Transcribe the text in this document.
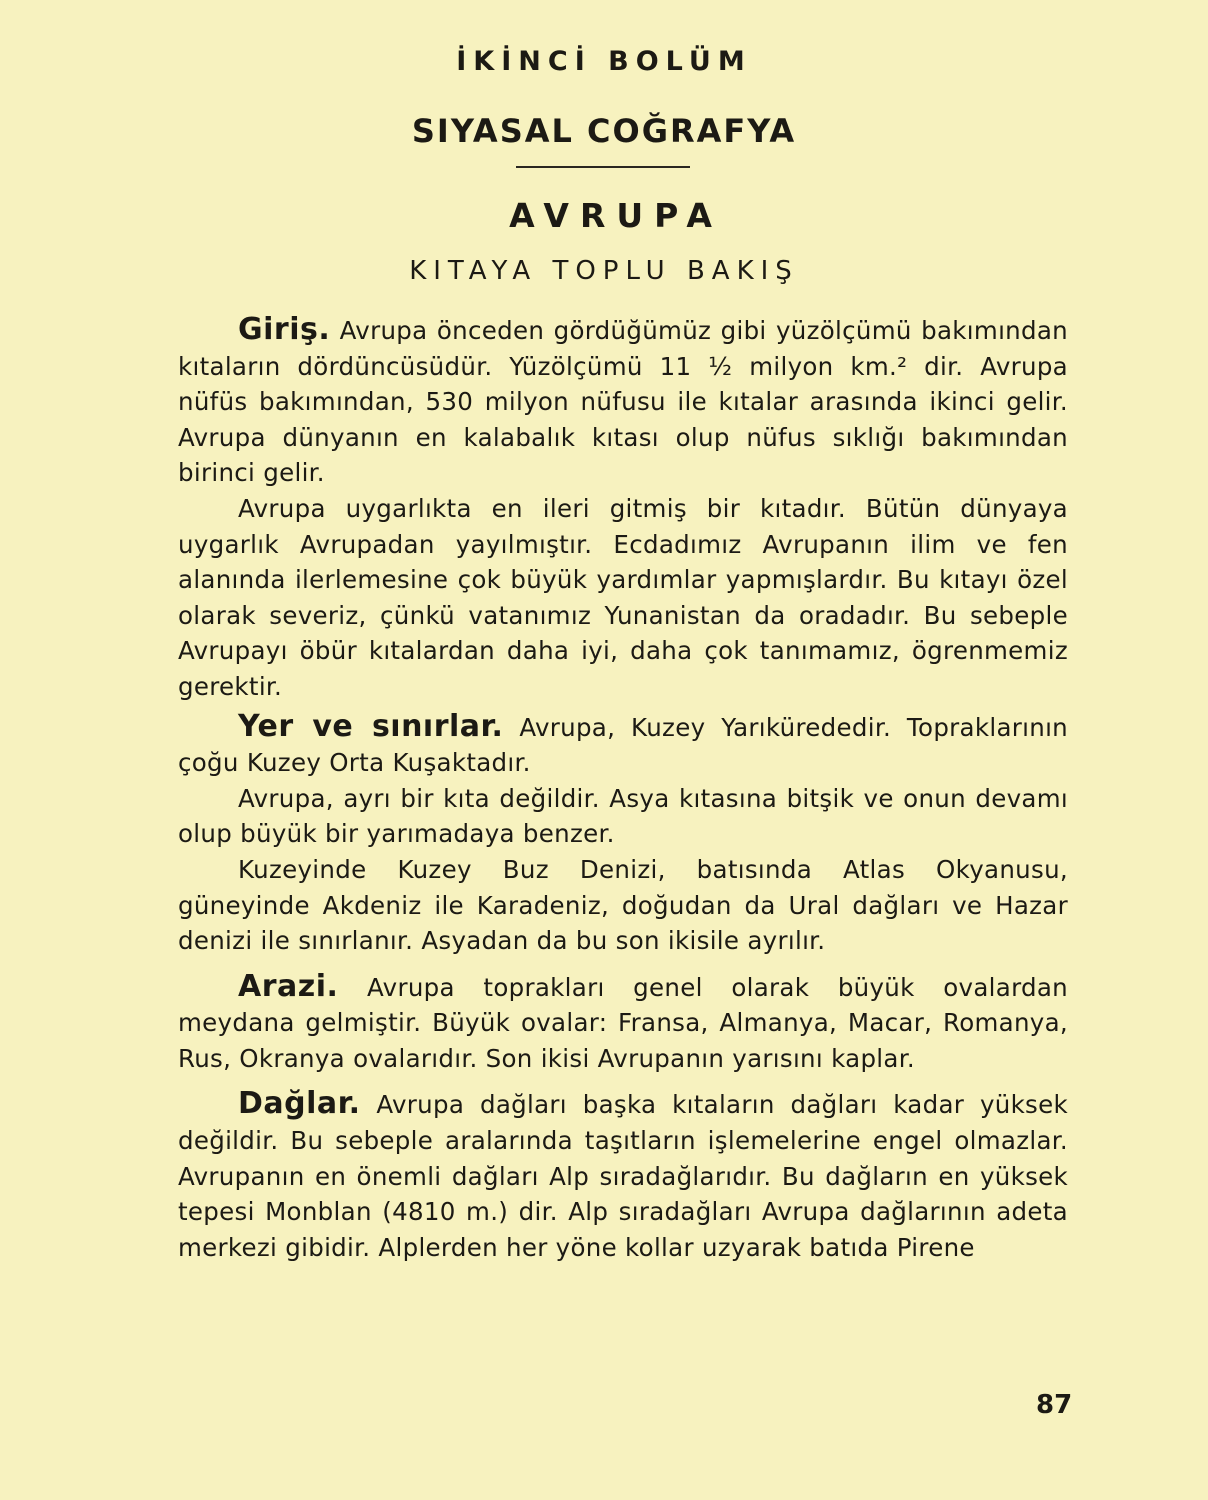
İKİNCİ BOLÜM
SIYASAL COĞRAFYA
AVRUPA
KITAYA TOPLU BAKIŞ

Giriş. Avrupa önceden gördüğümüz gibi yüzölçümü bakımından kıtaların dördüncüsüdür. Yüzölçümü 11 ½ milyon km.² dir. Avrupa nüfüs bakımından, 530 milyon nüfusu ile kıtalar arasında ikinci gelir. Avrupa dünyanın en kalabalık kıtası olup nüfus sıklığı bakımından birinci gelir.

Avrupa uygarlıkta en ileri gitmiş bir kıtadır. Bütün dünyaya uygarlık Avrupadan yayılmıştır. Ecdadımız Avrupanın ilim ve fen alanında ilerlemesine çok büyük yardımlar yapmışlardır. Bu kıtayı özel olarak severiz, çünkü vatanımız Yunanistan da oradadır. Bu sebeple Avrupayı öbür kıtalardan daha iyi, daha çok tanımamız, ögrenmemiz gerektir.

Yer ve sınırlar. Avrupa, Kuzey Yarıkürededir. Topraklarının çoğu Kuzey Orta Kuşaktadır.

Avrupa, ayrı bir kıta değildir. Asya kıtasına bitşik ve onun devamı olup büyük bir yarımadaya benzer.

Kuzeyinde Kuzey Buz Denizi, batısında Atlas Okyanusu, güneyinde Akdeniz ile Karadeniz, doğudan da Ural dağları ve Hazar denizi ile sınırlanır. Asyadan da bu son ikisile ayrılır.

Arazi. Avrupa toprakları genel olarak büyük ovalardan meydana gelmiştir. Büyük ovalar: Fransa, Almanya, Macar, Romanya, Rus, Okranya ovalarıdır. Son ikisi Avrupanın yarısını kaplar.

Dağlar. Avrupa dağları başka kıtaların dağları kadar yüksek değildir. Bu sebeple aralarında taşıtların işlemelerine engel olmazlar. Avrupanın en önemli dağları Alp sıradağlarıdır. Bu dağların en yüksek tepesi Monblan (4810 m.) dir. Alp sıradağları Avrupa dağlarının adeta merkezi gibidir. Alplerden her yöne kollar uzyarak batıda Pirene

87
